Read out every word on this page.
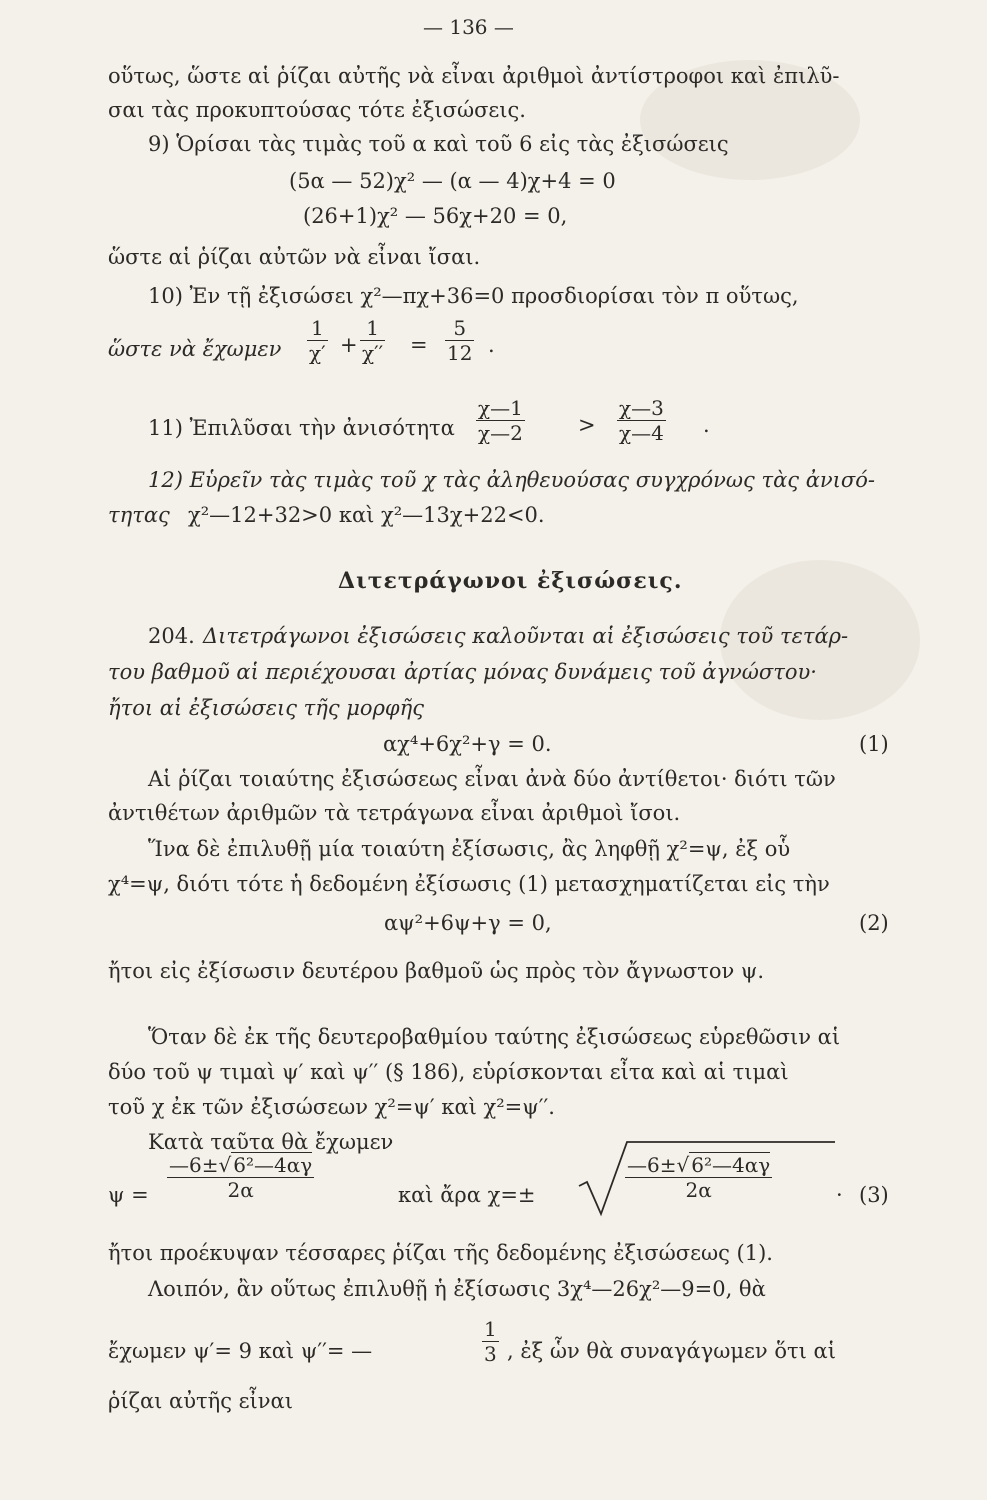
— 136 —
οὕτως, ὥστε αἱ ῥίζαι αὐτῆς νὰ εἶναι ἀριθμοὶ ἀντίστροφοι καὶ ἐπιλῦ-
σαι τὰς προκυπτούσας τότε ἐξισώσεις.
9) Ὁρίσαι τὰς τιμὰς τοῦ α καὶ τοῦ 6 εἰς τὰς ἐξισώσεις
(5α — 52)χ² — (α — 4)χ+4 = 0
(26+1)χ² — 56χ+20 = 0,
ὥστε αἱ ῥίζαι αὐτῶν νὰ εἶναι ἴσαι.
10) Ἐν τῇ ἐξισώσει χ²—πχ+36=0 προσδιορίσαι τὸν π οὕτως,
ὥστε νὰ ἔχωμεν $\frac{1}{\chi'} + \frac{1}{\chi''} = \frac{5}{12}$ .
11) Ἐπιλῦσαι τὴν ἀνισότητα $\frac{\chi—1}{\chi—2}$	> $\frac{\chi—3}{\chi—4}$ .
12) Εὑρεῖν τὰς τιμὰς τοῦ χ τὰς ἀληθευούσας συγχρόνως τὰς ἀνισό-
τητας χ²—12+32>0 καὶ χ²—13χ+22<0.
Διτετράγωνοι ἐξισώσεις.
204. Διτετράγωνοι ἐξισώσεις καλοῦνται αἱ ἐξισώσεις τοῦ τετάρ-
του βαθμοῦ αἱ περιέχουσαι ἀρτίας μόνας δυνάμεις τοῦ ἀγνώστου·
ἤτοι αἱ ἐξισώσεις τῆς μορφῆς
αχ⁴+6χ²+γ = 0.	(1)
Αἱ ῥίζαι τοιαύτης ἐξισώσεως εἶναι ἀνὰ δύο ἀντίθετοι· διότι τῶν
ἀντιθέτων ἀριθμῶν τὰ τετράγωνα εἶναι ἀριθμοὶ ἴσοι.
Ἵνα δὲ ἐπιλυθῇ μία τοιαύτη ἐξίσωσις, ἂς ληφθῇ χ²=ψ, ἐξ οὗ
χ⁴=ψ, διότι τότε ἡ δεδομένη ἐξίσωσις (1) μετασχηματίζεται εἰς τὴν
αψ²+6ψ+γ = 0,	(2)
ἤτοι εἰς ἐξίσωσιν δευτέρου βαθμοῦ ὡς πρὸς τὸν ἄγνωστον ψ.
Ὅταν δὲ ἐκ τῆς δευτεροβαθμίου ταύτης ἐξισώσεως εὑρεθῶσιν αἱ
δύο τοῦ ψ τιμαὶ ψ′ καὶ ψ′′ (§ 186), εὑρίσκονται εἶτα καὶ αἱ τιμαὶ
τοῦ χ ἐκ τῶν ἐξισώσεων χ²=ψ′ καὶ χ²=ψ′′.
Κατὰ ταῦτα θὰ ἔχωμεν
$\psi = \frac{\text{—6±√ 6²—4αγ}}{2\alpha}$	καὶ ἄρα χ=±	$\frac{\text{—6±√ 6²—4αγ}}{2\alpha}$	· (3)
ἤτοι προέκυψαν τέσσαρες ῥίζαι τῆς δεδομένης ἐξισώσεως (1).
Λοιπόν, ἂν οὕτως ἐπιλυθῇ ἡ ἐξίσωσις 3χ⁴—26χ²—9=0, θὰ
ἔχωμεν ψ′= 9 καὶ ψ′′= —	$\frac{1}{3}$ , ἐξ ὧν θὰ συναγάγωμεν ὅτι αἱ
ῥίζαι αὐτῆς εἶναι
